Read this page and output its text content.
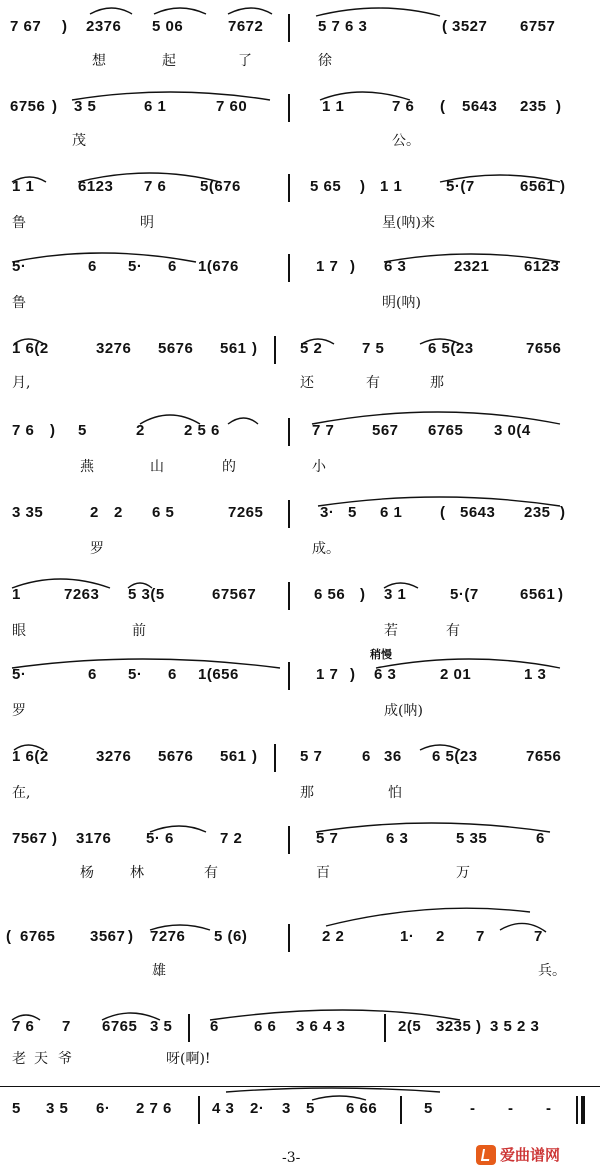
7 67 ) 2376 5 06	7672	5 7 6 3	( 3527 6757
想	起	了	徐
6756 ) 3 5	6 1	7 60	1 1	7 6 ( 5643 235 )
茂	公。
1 1	6123 7 6 5(676	5 65 ) 1 1	5·(7	6561 )
鲁	明	星(呐)来
5·	6 5· 6 1(676	1 7 ) 6 3	2321 6123
鲁	明(呐)
1 6(2	3276 5676 561 )	5 2	7 5	6 5(23	7656
月,	还	有	那
7 6 ) 5	2	2 5 6	7 7	567 6765 3 0(4
燕	山	的	小
3 35	2 2 6 5	7265	3· 5 6 1	( 5643 235 )
罗	成。
1	7263 5 3(5	67567	6 56 ) 3 1	5·(7	6561 )
眼	前	若	有
稍慢
5·	6 5· 6 1(656	1 7 ) 6 3	2 01	1 3
罗	成(呐)
1 6(2	3276 5676 561 )	5 7	6 36 6 5(23	7656
在,	那	怕
7567 ) 3176 5· 6	7 2	5 7	6 3	5 35	6
杨	林	有	百	万
( 6765 3567 ) 7276 5 (6)	2 2	1· 2 7	7
雄	兵。
7 6 7 6765 3 5	6 6 6 3 6 4 3	2(5 3235 ) 3 5 2 3
老 天 爷	呀(啊)!
5 3 5 6· 2 7 6	4 3 2· 3 5 6 66	5 - - -
-3-	爱曲谱网
